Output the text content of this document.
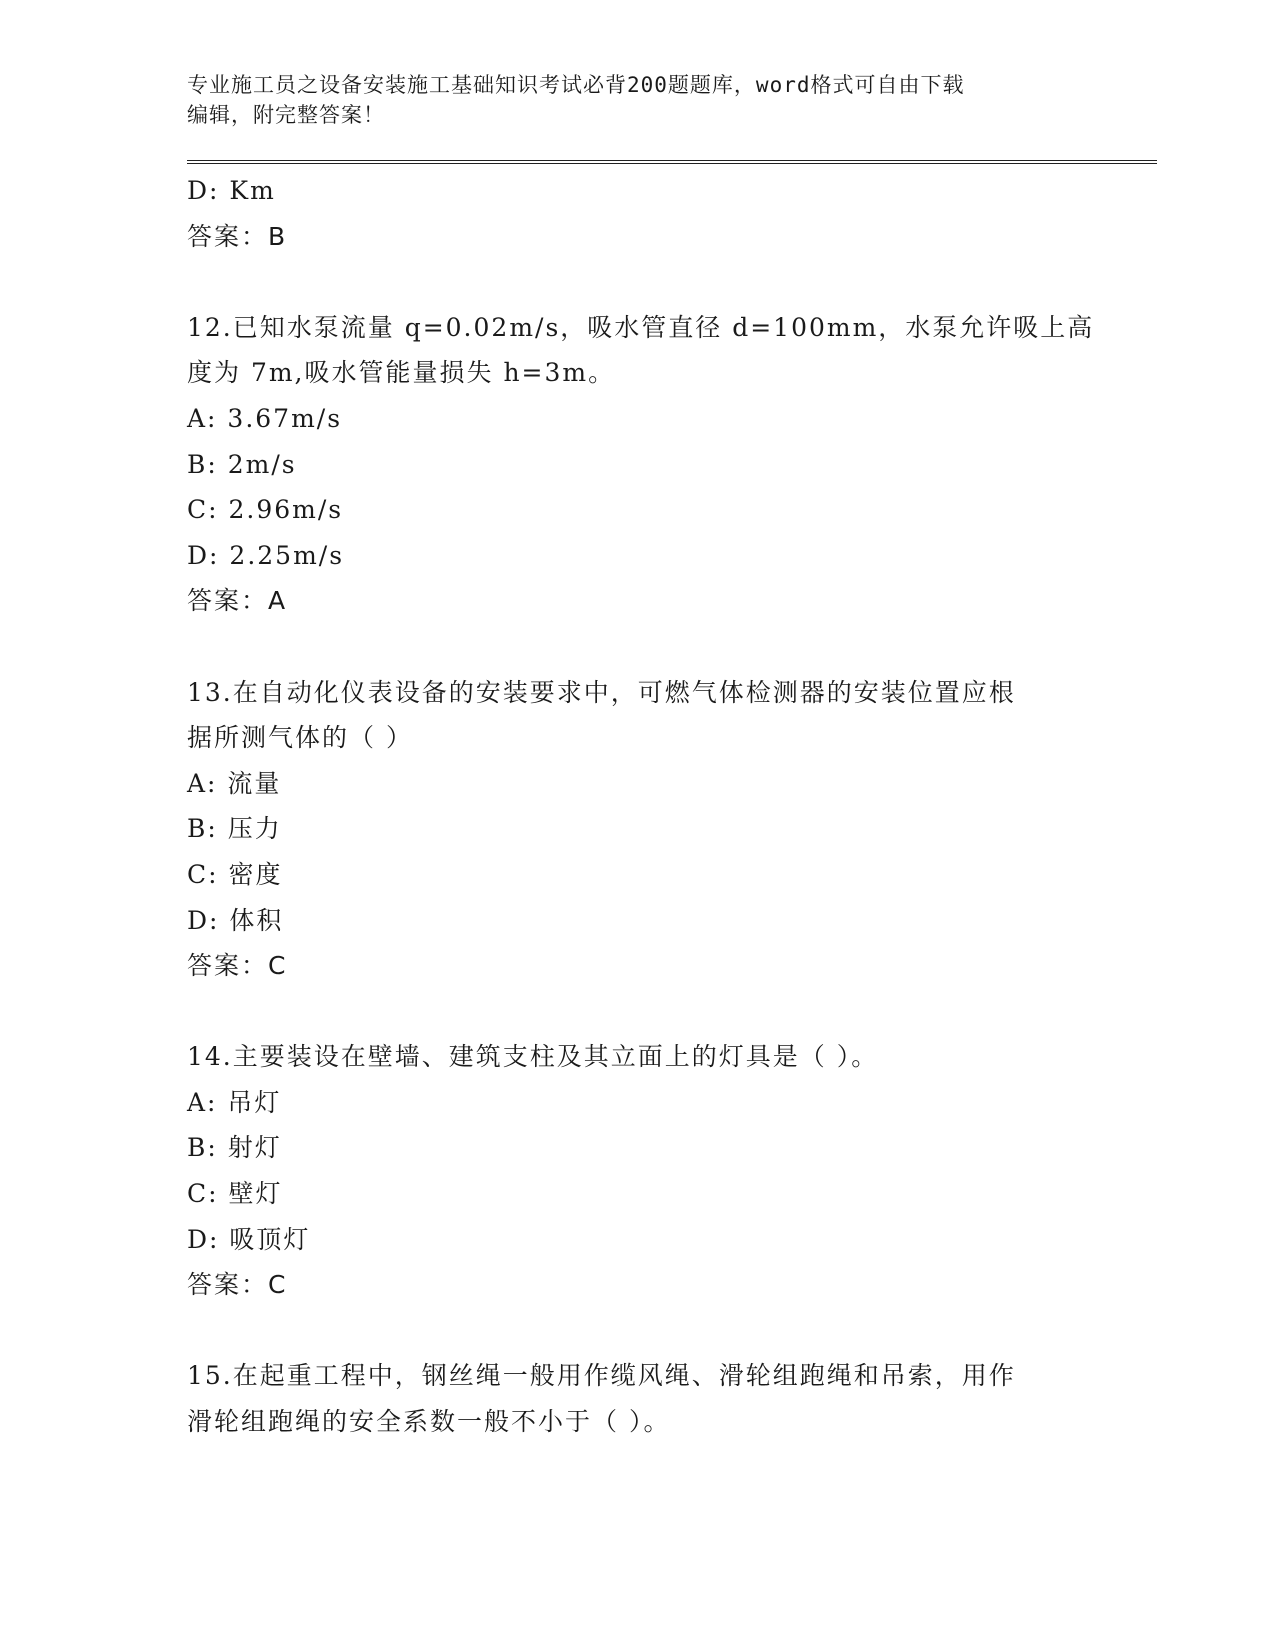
专业施工员之设备安装施工基础知识考试必背200题题库，word格式可自由下载
编辑，附完整答案！
D: Km
答案：B
12.已知水泵流量 q=0.02m/s，吸水管直径 d=100mm，水泵允许吸上高
度为 7m,吸水管能量损失 h=3m。
A: 3.67m/s
B: 2m/s
C: 2.96m/s
D: 2.25m/s
答案：A
13.在自动化仪表设备的安装要求中，可燃气体检测器的安装位置应根
据所测气体的（ ）
A: 流量
B: 压力
C: 密度
D: 体积
答案：C
14.主要装设在壁墙、建筑支柱及其立面上的灯具是（ ）。
A: 吊灯
B: 射灯
C: 壁灯
D: 吸顶灯
答案：C
15.在起重工程中，钢丝绳一般用作缆风绳、滑轮组跑绳和吊索，用作
滑轮组跑绳的安全系数一般不小于（ ）。
